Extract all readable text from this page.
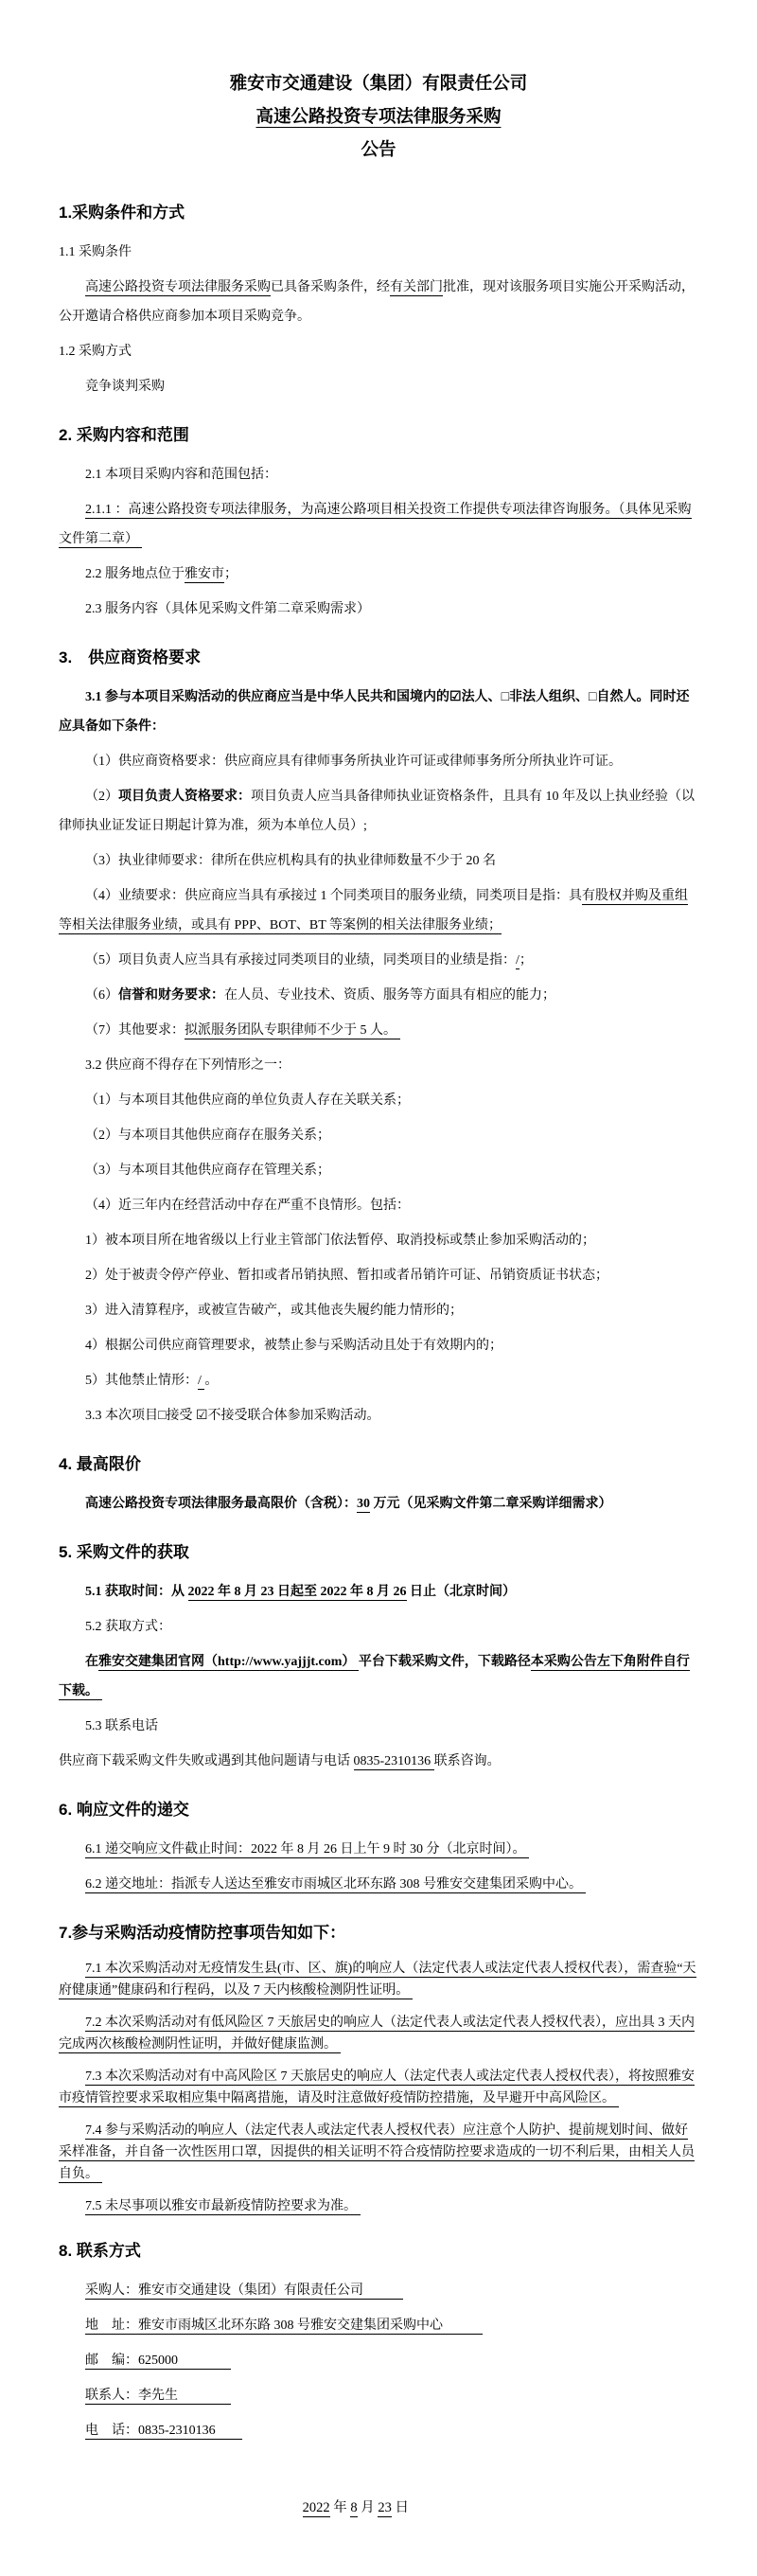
雅安市交通建设（集团）有限责任公司
高速公路投资专项法律服务采购
公告
1.采购条件和方式
1.1 采购条件
高速公路投资专项法律服务采购已具备采购条件，经有关部门批准，现对该服务项目实施公开采购活动，公开邀请合格供应商参加本项目采购竞争。
1.2 采购方式
竞争谈判采购
2. 采购内容和范围
2.1 本项目采购内容和范围包括：
2.1.1 ：高速公路投资专项法律服务，为高速公路项目相关投资工作提供专项法律咨询服务。（具体见采购文件第二章）
2.2 服务地点位于雅安市；
2.3 服务内容（具体见采购文件第二章采购需求）
3.　供应商资格要求
3.1 参与本项目采购活动的供应商应当是中华人民共和国境内的☑法人、□非法人组织、□自然人。同时还应具备如下条件：
（1）供应商资格要求：供应商应具有律师事务所执业许可证或律师事务所分所执业许可证。
（2）项目负责人资格要求：项目负责人应当具备律师执业证资格条件，且具有 10 年及以上执业经验（以律师执业证发证日期起计算为准，须为本单位人员）;
（3）执业律师要求：律所在供应机构具有的执业律师数量不少于 20 名
（4）业绩要求：供应商应当具有承接过 1 个同类项目的服务业绩，同类项目是指：具有股权并购及重组等相关法律服务业绩，或具有 PPP、BOT、BT 等案例的相关法律服务业绩；
（5）项目负责人应当具有承接过同类项目的业绩，同类项目的业绩是指：/；
（6）信誉和财务要求：在人员、专业技术、资质、服务等方面具有相应的能力；
（7）其他要求：拟派服务团队专职律师不少于 5 人。
3.2 供应商不得存在下列情形之一：
（1）与本项目其他供应商的单位负责人存在关联关系；
（2）与本项目其他供应商存在服务关系；
（3）与本项目其他供应商存在管理关系；
（4）近三年内在经营活动中存在严重不良情形。包括：
1）被本项目所在地省级以上行业主管部门依法暂停、取消投标或禁止参加采购活动的；
2）处于被责令停产停业、暂扣或者吊销执照、暂扣或者吊销许可证、吊销资质证书状态；
3）进入清算程序，或被宣告破产，或其他丧失履约能力情形的；
4）根据公司供应商管理要求，被禁止参与采购活动且处于有效期内的；
5）其他禁止情形：/ 。
3.3 本次项目□接受 ☑不接受联合体参加采购活动。
4. 最高限价
高速公路投资专项法律服务最高限价（含税）：30 万元（见采购文件第二章采购详细需求）
5. 采购文件的获取
5.1 获取时间：从 2022 年 8 月 23 日起至 2022 年 8 月 26 日止（北京时间）
5.2 获取方式：
在雅安交建集团官网（http://www.yajjjt.com） 平台下载采购文件，下载路径本采购公告左下角附件自行下载。
5.3 联系电话
供应商下载采购文件失败或遇到其他问题请与电话 0835-2310136 联系咨询。
6. 响应文件的递交
6.1 递交响应文件截止时间：2022 年 8 月 26 日上午 9 时 30 分（北京时间）。
6.2 递交地址：指派专人送达至雅安市雨城区北环东路 308 号雅安交建集团采购中心。
7.参与采购活动疫情防控事项告知如下：
7.1 本次采购活动对无疫情发生县(市、区、旗)的响应人（法定代表人或法定代表人授权代表），需查验“天府健康通”健康码和行程码，以及 7 天内核酸检测阴性证明。
7.2 本次采购活动对有低风险区 7 天旅居史的响应人（法定代表人或法定代表人授权代表），应出具 3 天内完成两次核酸检测阴性证明，并做好健康监测。
7.3 本次采购活动对有中高风险区 7 天旅居史的响应人（法定代表人或法定代表人授权代表），将按照雅安市疫情管控要求采取相应集中隔离措施，请及时注意做好疫情防控措施，及早避开中高风险区。
7.4 参与采购活动的响应人（法定代表人或法定代表人授权代表）应注意个人防护、提前规划时间、做好采样准备，并自备一次性医用口罩，因提供的相关证明不符合疫情防控要求造成的一切不利后果，由相关人员自负。
7.5 未尽事项以雅安市最新疫情防控要求为准。
8. 联系方式
采购人：雅安市交通建设（集团）有限责任公司　　　
地　址：雅安市雨城区北环东路 308 号雅安交建集团采购中心　　　
邮　编：625000　　　　
联系人：李先生　　　　
电　话：0835-2310136　　
2022 年 8 月 23 日
